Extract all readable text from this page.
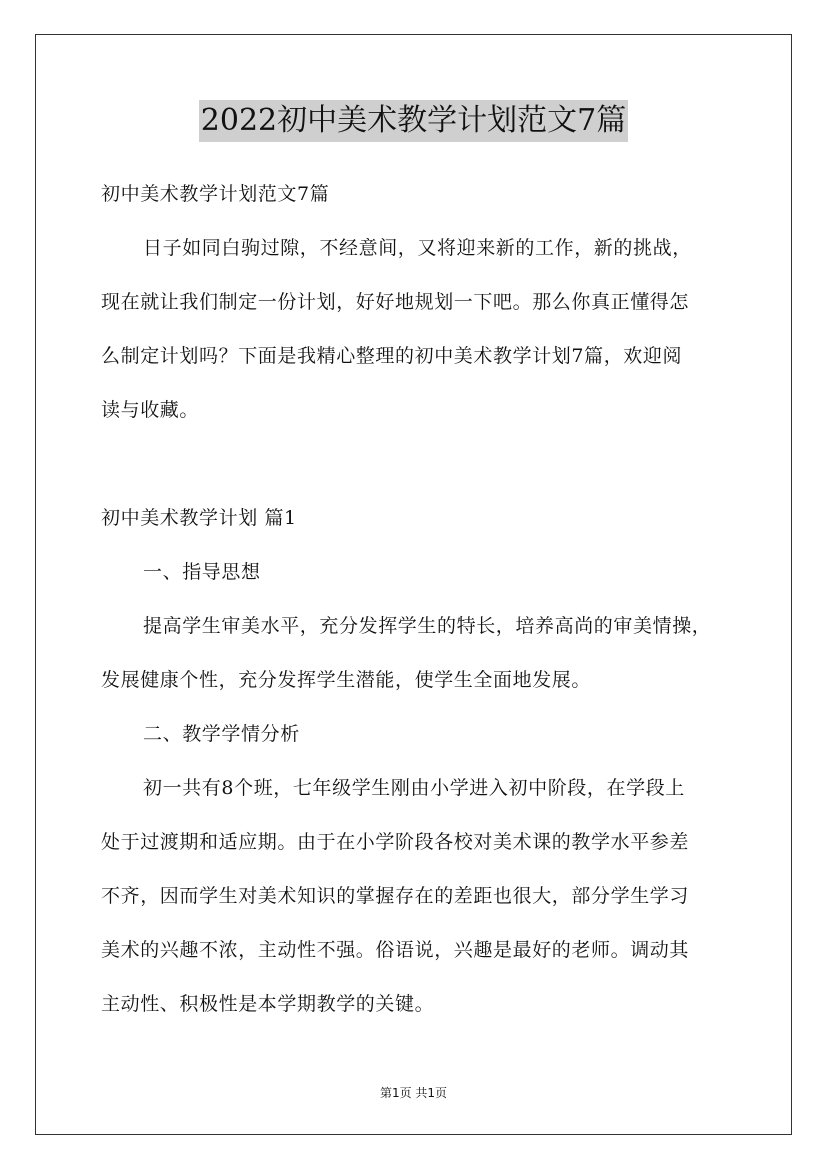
2022初中美术教学计划范文7篇
初中美术教学计划范文7篇
日子如同白驹过隙，不经意间，又将迎来新的工作，新的挑战，
现在就让我们制定一份计划，好好地规划一下吧。那么你真正懂得怎
么制定计划吗？下面是我精心整理的初中美术教学计划7篇，欢迎阅
读与收藏。
初中美术教学计划 篇1
一、指导思想
提高学生审美水平，充分发挥学生的特长，培养高尚的审美情操，
发展健康个性，充分发挥学生潜能，使学生全面地发展。
二、教学学情分析
初一共有8个班，七年级学生刚由小学进入初中阶段，在学段上
处于过渡期和适应期。由于在小学阶段各校对美术课的教学水平参差
不齐，因而学生对美术知识的掌握存在的差距也很大，部分学生学习
美术的兴趣不浓，主动性不强。俗语说，兴趣是最好的老师。调动其
主动性、积极性是本学期教学的关键。
第1页 共1页
